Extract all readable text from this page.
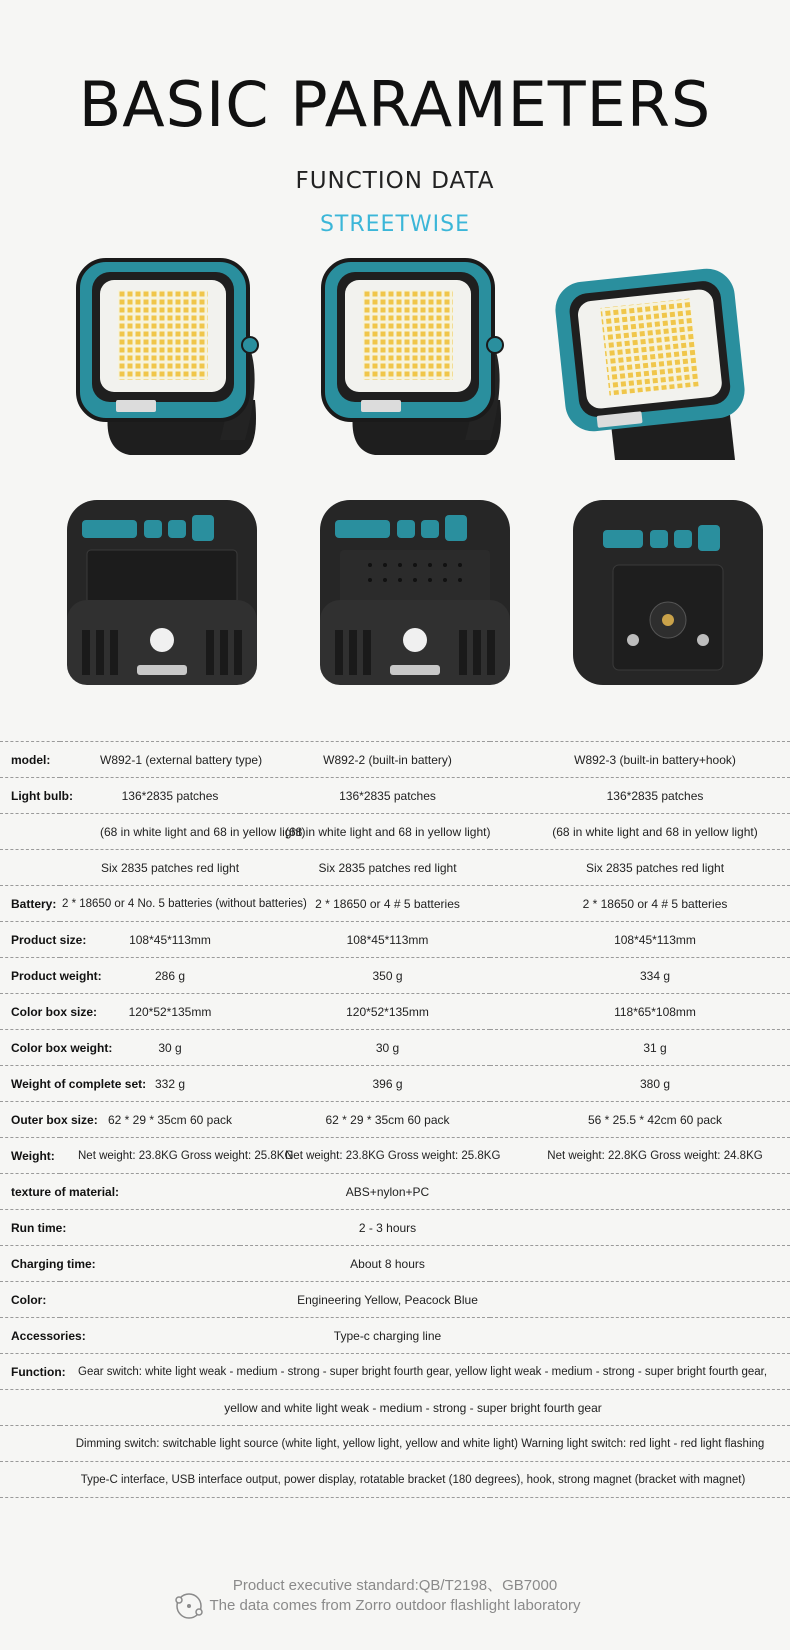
BASIC PARAMETERS
FUNCTION DATA
STREETWISE
model:	W892-1 (external battery type)	W892-2 (built-in battery)	W892-3 (built-in battery+hook)
Light bulb:	136*2835 patches	136*2835 patches	136*2835 patches
	(68 in white light and 68 in yellow light)	(68 in white light and 68 in yellow light)	(68 in white light and 68 in yellow light)
	Six 2835 patches red light	Six 2835 patches red light	Six 2835 patches red light
Battery:	2 * 18650 or 4 No. 5 batteries (without batteries)	2 * 18650 or 4 # 5 batteries	2 * 18650 or 4 # 5 batteries
Product size:	108*45*113mm	108*45*113mm	108*45*113mm
Product weight:	286 g	350 g	334 g
Color box size:	120*52*135mm	120*52*135mm	118*65*108mm
Color box weight:	30 g	30 g	31 g
Weight of complete set:	332 g	396 g	380 g
Outer box size:	62 * 29 * 35cm 60 pack	62 * 29 * 35cm 60 pack	56 * 25.5 * 42cm 60 pack
Weight:	Net weight: 23.8KG Gross weight: 25.8KG	Net weight: 23.8KG Gross weight: 25.8KG	Net weight: 22.8KG Gross weight: 24.8KG
texture of material:		ABS+nylon+PC	
Run time:		2 - 3 hours	
Charging time:		About 8 hours	
Color:		Engineering Yellow, Peacock Blue	
Accessories:		Type-c charging line	
Function:	Gear switch: white light weak - medium - strong - super bright fourth gear, yellow light weak - medium - strong - super bright fourth gear,		
yellow and white light weak - medium - strong - super bright fourth gear			
Dimming switch: switchable light source (white light, yellow light, yellow and white light) Warning light switch: red light - red light flashing			
Type-C interface, USB interface output, power display, rotatable bracket (180 degrees), hook, strong magnet (bracket with magnet)			
Product executive standard:QB/T2198、GB7000
The data comes from Zorro outdoor flashlight laboratory
